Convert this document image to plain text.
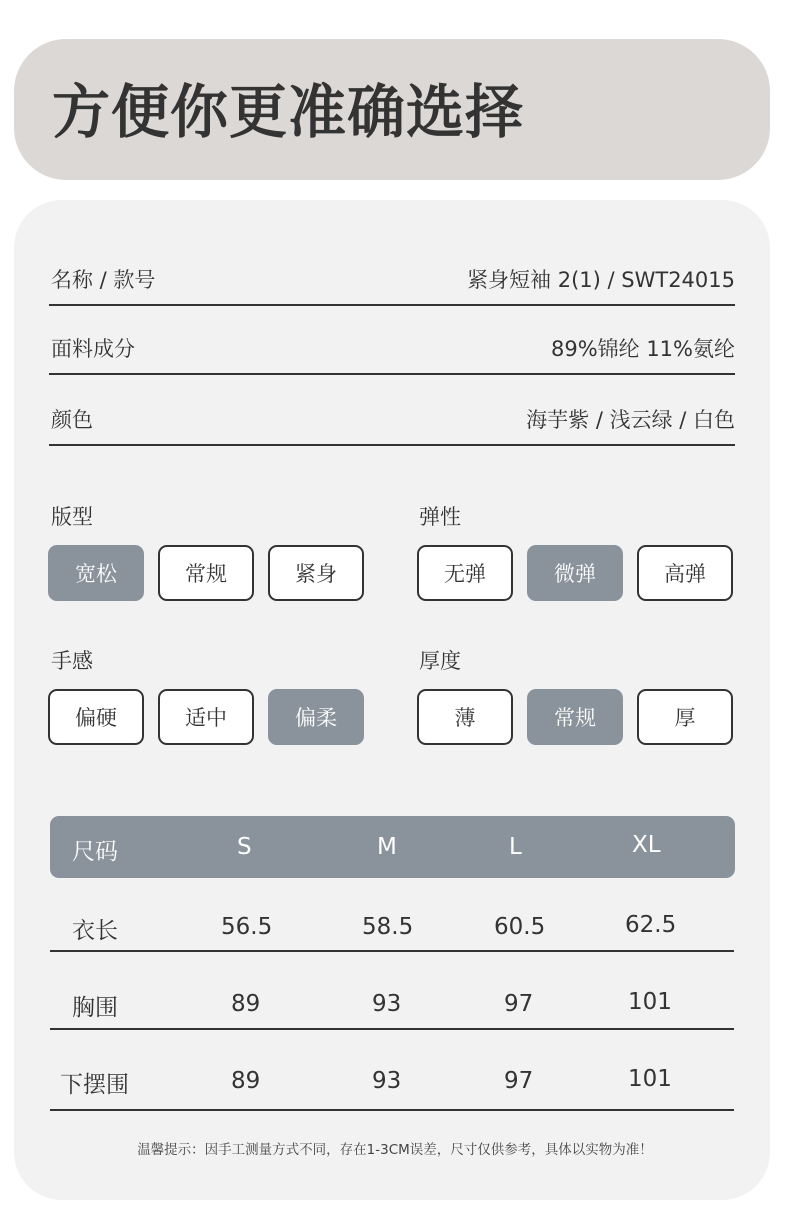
方便你更准确选择
名称 / 款号	紧身短袖 2(1) / SWT24015
面料成分	89%锦纶 11%氨纶
颜色	海芋紫 / 浅云绿 / 白色
版型
宽松	常规	紧身
弹性
无弹	微弹	高弹
手感
偏硬	适中	偏柔
厚度
薄	常规	厚
尺码	S	M	L	XL
衣长	56.5	58.5	60.5	62.5
胸围	89	93	97	101
下摆围	89	93	97	101
温馨提示：因手工测量方式不同，存在1-3CM误差，尺寸仅供参考，具体以实物为准！
